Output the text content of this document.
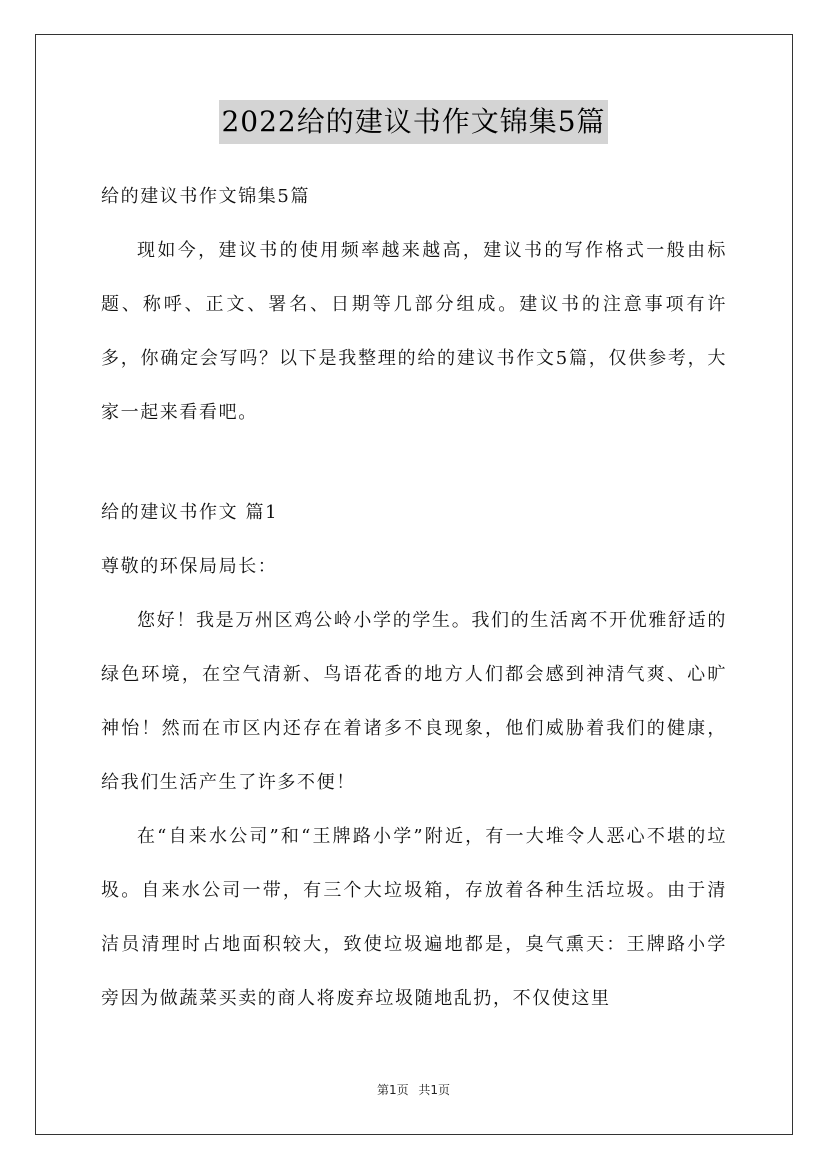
2022给的建议书作文锦集5篇

给的建议书作文锦集5篇

现如今，建议书的使用频率越来越高，建议书的写作格式一般由标题、称呼、正文、署名、日期等几部分组成。建议书的注意事项有许多，你确定会写吗？以下是我整理的给的建议书作文5篇，仅供参考，大家一起来看看吧。

给的建议书作文 篇1

尊敬的环保局局长：

您好！我是万州区鸡公岭小学的学生。我们的生活离不开优雅舒适的绿色环境，在空气清新、鸟语花香的地方人们都会感到神清气爽、心旷神怡！然而在市区内还存在着诸多不良现象，他们威胁着我们的健康，给我们生活产生了许多不便！

在“自来水公司”和“王牌路小学”附近，有一大堆令人恶心不堪的垃圾。自来水公司一带，有三个大垃圾箱，存放着各种生活垃圾。由于清洁员清理时占地面积较大，致使垃圾遍地都是，臭气熏天：王牌路小学旁因为做蔬菜买卖的商人将废弃垃圾随地乱扔，不仅使这里

第1页 共1页
